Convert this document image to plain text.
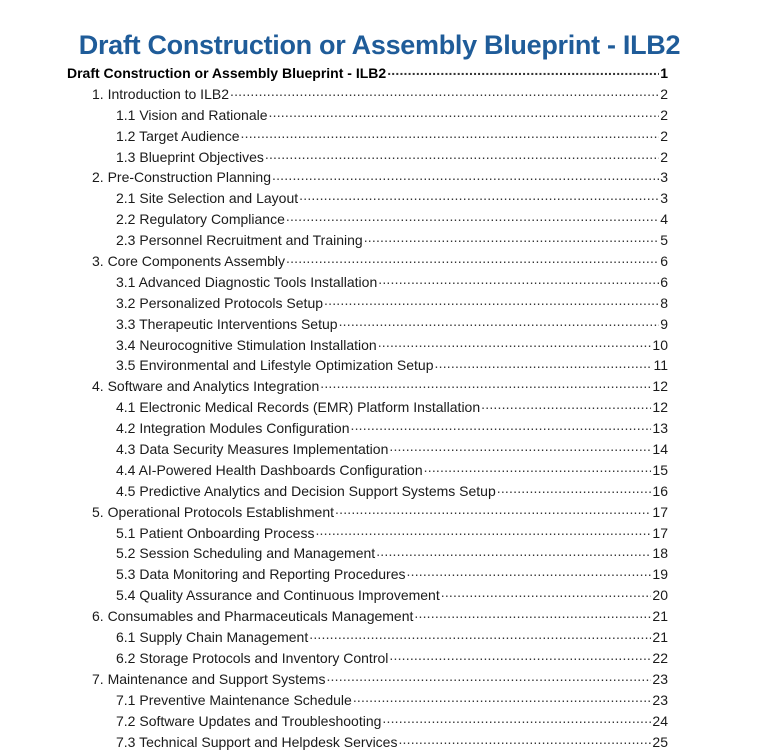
Draft Construction or Assembly Blueprint - ILB2
Draft Construction or Assembly Blueprint - ILB2 .....	1
1. Introduction to ILB2 .....	2
1.1 Vision and Rationale .....	2
1.2 Target Audience .....	2
1.3 Blueprint Objectives .....	2
2. Pre-Construction Planning .....	3
2.1 Site Selection and Layout .....	3
2.2 Regulatory Compliance .....	4
2.3 Personnel Recruitment and Training .....	5
3. Core Components Assembly .....	6
3.1 Advanced Diagnostic Tools Installation .....	6
3.2 Personalized Protocols Setup .....	8
3.3 Therapeutic Interventions Setup .....	9
3.4 Neurocognitive Stimulation Installation .....	10
3.5 Environmental and Lifestyle Optimization Setup .....	11
4. Software and Analytics Integration .....	12
4.1 Electronic Medical Records (EMR) Platform Installation .....	12
4.2 Integration Modules Configuration .....	13
4.3 Data Security Measures Implementation .....	14
4.4 AI-Powered Health Dashboards Configuration .....	15
4.5 Predictive Analytics and Decision Support Systems Setup .....	16
5. Operational Protocols Establishment .....	17
5.1 Patient Onboarding Process .....	17
5.2 Session Scheduling and Management .....	18
5.3 Data Monitoring and Reporting Procedures .....	19
5.4 Quality Assurance and Continuous Improvement .....	20
6. Consumables and Pharmaceuticals Management .....	21
6.1 Supply Chain Management .....	21
6.2 Storage Protocols and Inventory Control .....	22
7. Maintenance and Support Systems .....	23
7.1 Preventive Maintenance Schedule .....	23
7.2 Software Updates and Troubleshooting .....	24
7.3 Technical Support and Helpdesk Services .....	25
